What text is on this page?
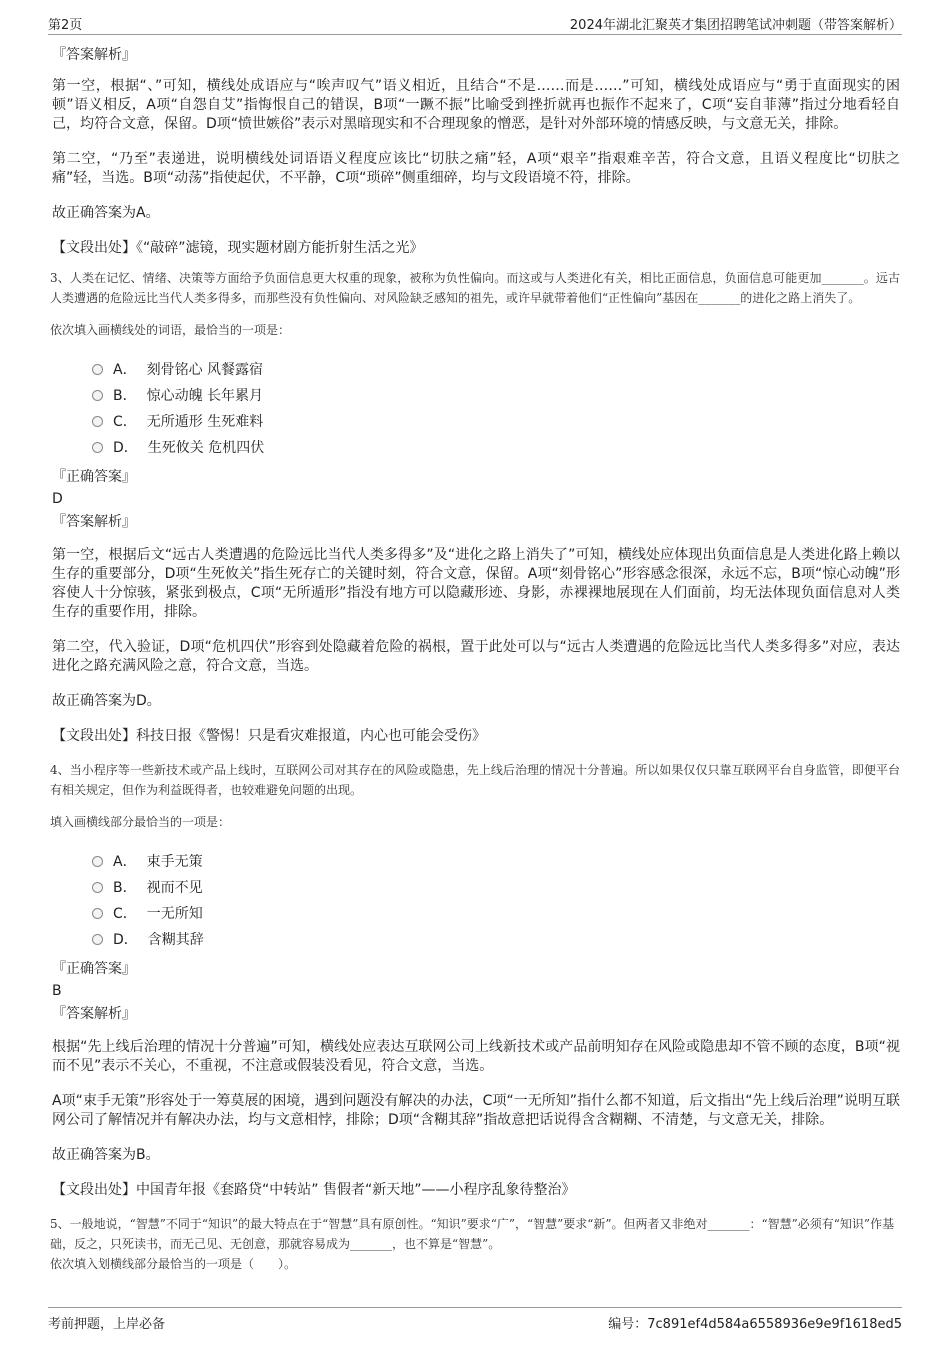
第2页	2024年湖北汇聚英才集团招聘笔试冲刺题（带答案解析）
『答案解析』

第一空，根据“、”可知，横线处成语应与“唉声叹气”语义相近，且结合“不是……而是……”可知，横线处成语应与“勇于直面现实的困顿”语义相反，A项“自怨自艾”指悔恨自己的错误，B项“一蹶不振”比喻受到挫折就再也振作不起来了，C项“妄自菲薄”指过分地看轻自己，均符合文意，保留。D项“愤世嫉俗”表示对黑暗现实和不合理现象的憎恶，是针对外部环境的情感反映，与文意无关，排除。

第二空，“乃至”表递进，说明横线处词语语义程度应该比“切肤之痛”轻，A项“艰辛”指艰难辛苦，符合文意，且语义程度比“切肤之痛”轻，当选。B项“动荡”指使起伏，不平静，C项“琐碎”侧重细碎，均与文段语境不符，排除。

故正确答案为A。

【文段出处】《“敲碎”滤镜，现实题材剧方能折射生活之光》

3、人类在记忆、情绪、决策等方面给予负面信息更大权重的现象，被称为负性偏向。而这或与人类进化有关，相比正面信息，负面信息可能更加_______。远古人类遭遇的危险远比当代人类多得多，而那些没有负性偏向、对风险缺乏感知的祖先，或许早就带着他们“正性偏向”基因在_______的进化之路上消失了。

依次填入画横线处的词语，最恰当的一项是：

A． 刻骨铭心 风餐露宿
B． 惊心动魄 长年累月
C． 无所遁形 生死难料
D． 生死攸关 危机四伏
『正确答案』
D
『答案解析』

第一空，根据后文“远古人类遭遇的危险远比当代人类多得多”及“进化之路上消失了”可知，横线处应体现出负面信息是人类进化路上赖以生存的重要部分，D项“生死攸关”指生死存亡的关键时刻，符合文意，保留。A项“刻骨铭心”形容感念很深，永远不忘，B项“惊心动魄”形容使人十分惊骇，紧张到极点，C项“无所遁形”指没有地方可以隐藏形迹、身影，赤裸裸地展现在人们面前，均无法体现负面信息对人类生存的重要作用，排除。

第二空，代入验证，D项“危机四伏”形容到处隐藏着危险的祸根，置于此处可以与“远古人类遭遇的危险远比当代人类多得多”对应，表达进化之路充满风险之意，符合文意，当选。

故正确答案为D。

【文段出处】科技日报《警惕！只是看灾难报道，内心也可能会受伤》

4、当小程序等一些新技术或产品上线时，互联网公司对其存在的风险或隐患，先上线后治理的情况十分普遍。所以如果仅仅只靠互联网平台自身监管，即便平台有相关规定，但作为利益既得者，也较难避免问题的出现。

填入画横线部分最恰当的一项是：

A． 束手无策
B． 视而不见
C． 一无所知
D． 含糊其辞
『正确答案』
B
『答案解析』

根据“先上线后治理的情况十分普遍”可知，横线处应表达互联网公司上线新技术或产品前明知存在风险或隐患却不管不顾的态度，B项“视而不见”表示不关心，不重视，不注意或假装没看见，符合文意，当选。

A项“束手无策”形容处于一筹莫展的困境，遇到问题没有解决的办法，C项“一无所知”指什么都不知道，后文指出“先上线后治理”说明互联网公司了解情况并有解决办法，均与文意相悖，排除；D项“含糊其辞”指故意把话说得含含糊糊、不清楚，与文意无关，排除。

故正确答案为B。

【文段出处】中国青年报《套路贷“中转站” 售假者“新天地”——小程序乱象待整治》

5、一般地说，“智慧”不同于“知识”的最大特点在于“智慧”具有原创性。“知识”要求“广”，“智慧”要求“新”。但两者又非绝对_______：“智慧”必须有“知识”作基础，反之，只死读书，而无己见、无创意，那就容易成为_______，也不算是“智慧”。

依次填入划横线部分最恰当的一项是（　　）。

考前押题，上岸必备	编号：7c891ef4d584a6558936e9e9f1618ed5
